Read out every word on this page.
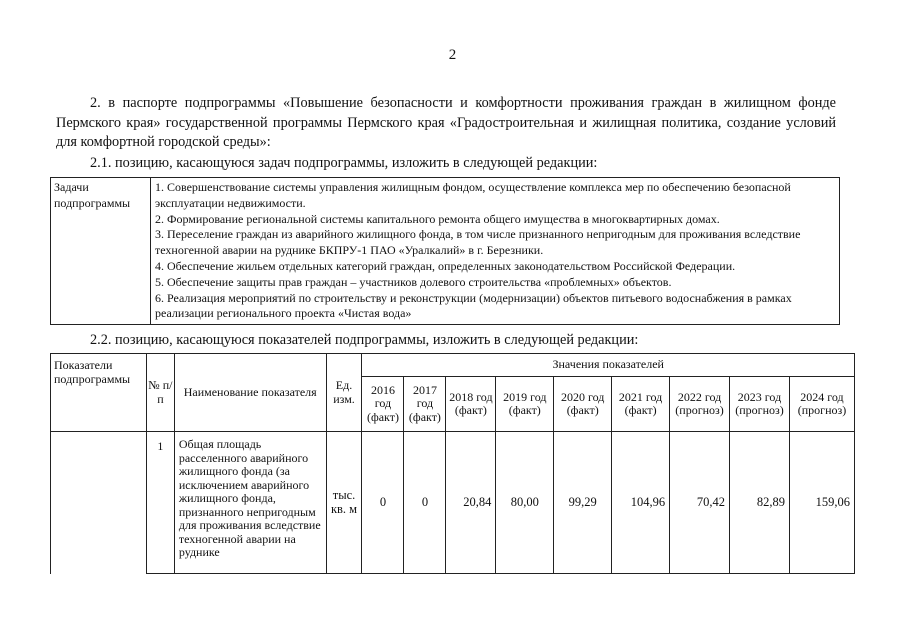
2
2. в паспорте подпрограммы «Повышение безопасности и комфортности проживания граждан в жилищном фонде Пермского края» государственной программы Пермского края «Градостроительная и жилищная политика, создание условий для комфортной городской среды»:
2.1. позицию, касающуюся задач подпрограммы, изложить в следующей редакции:
Задачи подпрограммы	
1. Совершенствование системы управления жилищным фондом, осуществление комплекса мер по обеспечению безопасной эксплуатации недвижимости.
2. Формирование региональной системы капитального ремонта общего имущества в многоквартирных домах.
3. Переселение граждан из аварийного жилищного фонда, в том числе признанного непригодным для проживания вследствие техногенной аварии на руднике БКПРУ-1 ПАО «Уралкалий» в г. Березники.
4. Обеспечение жильем отдельных категорий граждан, определенных законодательством Российской Федерации.
5. Обеспечение защиты прав граждан – участников долевого строительства «проблемных» объектов.
6. Реализация мероприятий по строительству и реконструкции (модернизации) объектов питьевого водоснабжения в рамках реализации регионального проекта «Чистая вода»
2.2. позицию, касающуюся показателей подпрограммы, изложить в следующей редакции:
Показатели подпрограммы	№ п/п	Наименование показателя	Ед. изм.	Значения показателей								
				2016 год (факт)	2017 год (факт)	2018 год (факт)	2019 год (факт)	2020 год (факт)	2021 год (факт)	2022 год (прогноз)	2023 год (прогноз)	2024 год (прогноз)
	1	Общая площадь расселенного аварийного жилищного фонда (за исключением аварийного жилищного фонда, признанного непригодным для проживания вследствие техногенной аварии на руднике	тыс. кв. м	0	0	20,84	80,00	99,29	104,96	70,42	82,89	159,06
